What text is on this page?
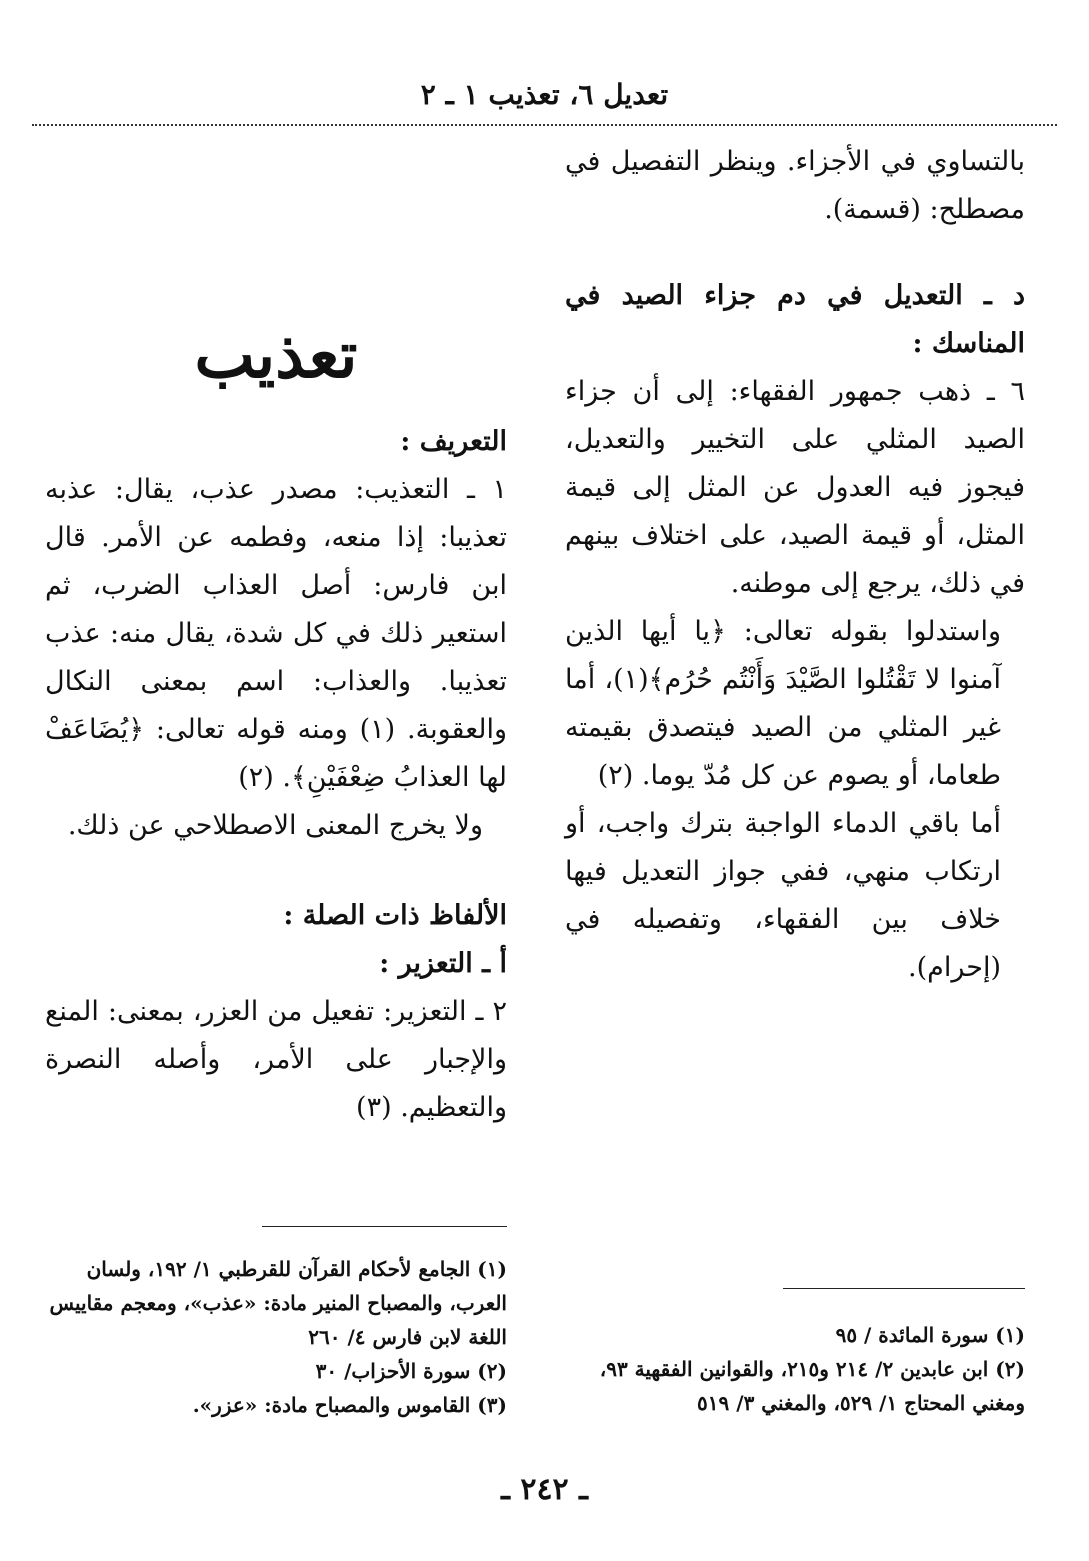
تعديل ٦، تعذيب ١ ـ ٢

بالتساوي في الأجزاء. وينظر التفصيل في مصطلح: (قسمة).

د ـ التعديل في دم جزاء الصيد في المناسك :

٦ ـ ذهب جمهور الفقهاء: إلى أن جزاء الصيد المثلي على التخيير والتعديل، فيجوز فيه العدول عن المثل إلى قيمة المثل، أو قيمة الصيد، على اختلاف بينهم في ذلك، يرجع إلى موطنه.

واستدلوا بقوله تعالى: ﴿يا أيها الذين آمنوا لا تَقْتُلوا الصَّيْدَ وَأَنْتُم حُرُم﴾(١)، أما غير المثلي من الصيد فيتصدق بقيمته طعاما، أو يصوم عن كل مُدّ يوما. (٢)

أما باقي الدماء الواجبة بترك واجب، أو ارتكاب منهي، ففي جواز التعديل فيها خلاف بين الفقهاء، وتفصيله في (إحرام).

(١) سورة المائدة / ٩٥

(٢) ابن عابدين ٢/ ٢١٤ و٢١٥، والقوانين الفقهية ٩٣، ومغني المحتاج ١/ ٥٢٩، والمغني ٣/ ٥١٩

تعذيب

التعريف :

١ ـ التعذيب: مصدر عذب، يقال: عذبه تعذيبا: إذا منعه، وفطمه عن الأمر. قال ابن فارس: أصل العذاب الضرب، ثم استعير ذلك في كل شدة، يقال منه: عذب تعذيبا. والعذاب: اسم بمعنى النكال والعقوبة. (١) ومنه قوله تعالى: ﴿يُضَاعَفْ لها العذابُ ضِعْفَيْنِ﴾. (٢)

ولا يخرج المعنى الاصطلاحي عن ذلك.

الألفاظ ذات الصلة :

أ ـ التعزير :

٢ ـ التعزير: تفعيل من العزر، بمعنى: المنع والإجبار على الأمر، وأصله النصرة والتعظيم. (٣)

(١) الجامع لأحكام القرآن للقرطبي ١/ ١٩٢، ولسان العرب، والمصباح المنير مادة: «عذب»، ومعجم مقاييس اللغة لابن فارس ٤/ ٢٦٠

(٢) سورة الأحزاب/ ٣٠

(٣) القاموس والمصباح مادة: «عزر».

ـ ٢٤٢ ـ
